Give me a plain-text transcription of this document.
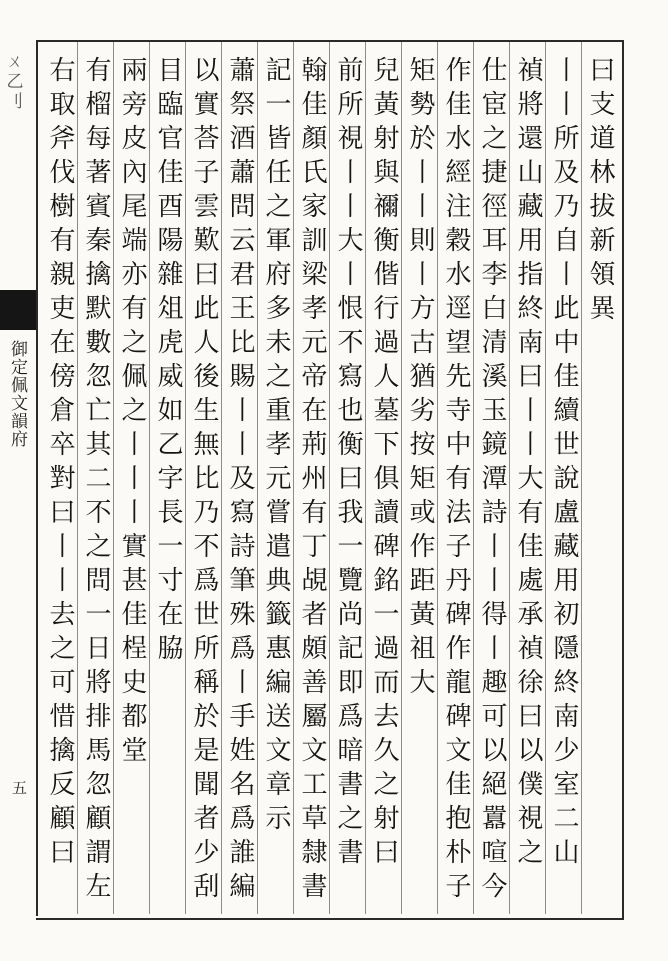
ㄨ乙刂
御定佩文韻府
五
曰支道林拔新領異
丨丨所及乃自丨此中佳續世說盧藏用初隱終南少室二山
禎將還山藏用指終南曰丨丨大有佳處承禎徐曰以僕視之
仕宦之捷徑耳李白清溪玉鏡潭詩丨丨得丨趣可以絕囂喧今
作佳水經注穀水逕望先寺中有法子丹碑作龍碑文佳抱朴子
矩勢於丨丨則丨方古猶劣按矩或作距黃祖大
兒黃射與禰衡偕行過人墓下俱讀碑銘一過而去久之射曰
前所視丨丨大丨恨不寫也衡曰我一覽尚記即爲暗書之書
翰佳顏氏家訓梁孝元帝在荊州有丁覘者頗善屬文工草隸書
記一皆任之軍府多未之重孝元嘗遣典籤惠編送文章示
蕭祭酒蕭問云君王比賜丨丨及寫詩筆殊爲丨手姓名爲誰編
以實荅子雲歎曰此人後生無比乃不爲世所稱於是聞者少刮
目臨官佳酉陽雜俎虎威如乙字長一寸在脇
兩旁皮內尾端亦有之佩之丨丨丨實甚佳桯史都堂
有榴每著賓秦擒默數忽亡其二不之問一日將排馬忽顧謂左
右取斧伐樹有親吏在傍倉卒對曰丨丨去之可惜擒反顧曰
